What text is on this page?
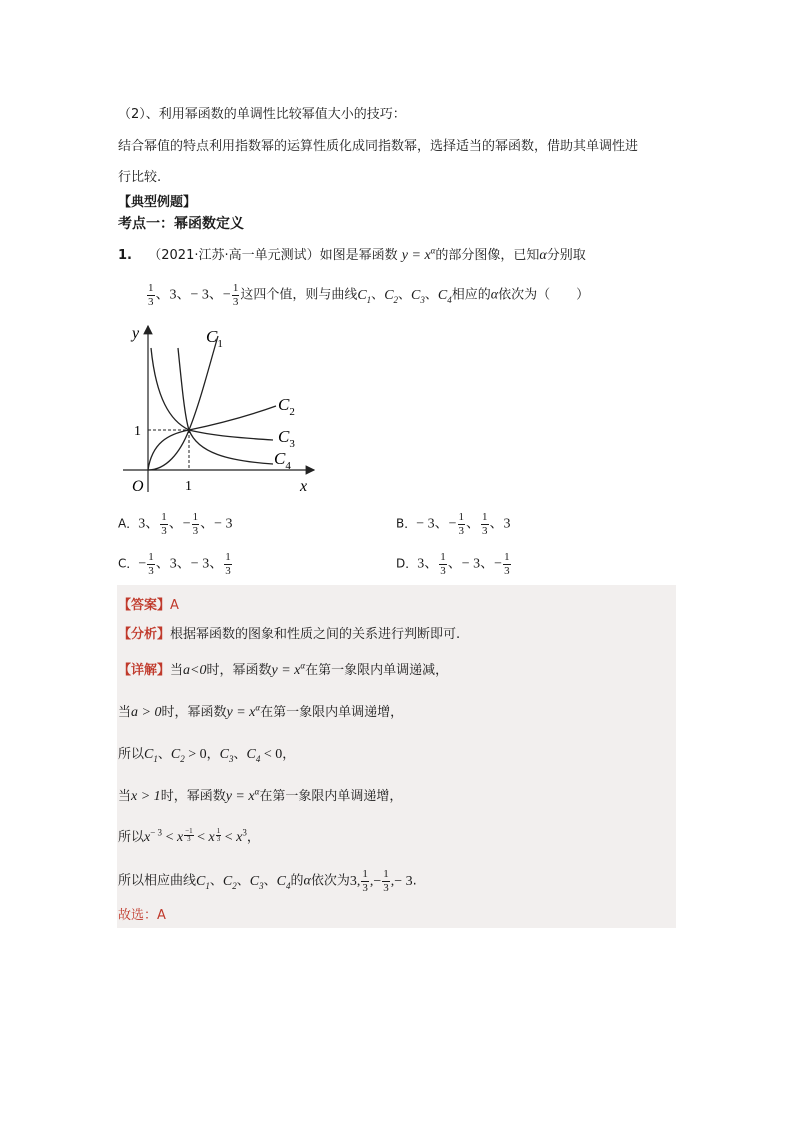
（2）、利用幂函数的单调性比较幂值大小的技巧：
结合幂值的特点利用指数幂的运算性质化成同指数幂，选择适当的幂函数，借助其单调性进
行比较.
【典型例题】
考点一：幂函数定义
1. （2021·江苏·高一单元测试）如图是幂函数 $y = x^\alpha$的部分图像，已知α分别取
$\frac{1}{3}$ 、3、− 3、− $\frac{1}{3}$ 这四个值，则与曲线$C_1$、$C_2$、$C_3$、$C_4$相应的α依次为（　　）
y
x
O	1
1
$C_1$
$C_2$
$C_3$
$C_4$
A．3、 $\frac{1}{3}$ 、− $\frac{1}{3}$ 、− 3	B．− 3、− $\frac{1}{3}$ 、 $\frac{1}{3}$ 、3
C．− $\frac{1}{3}$ 、3、− 3、 $\frac{1}{3}$	D．3、 $\frac{1}{3}$ 、− 3、− $\frac{1}{3}$
【答案】A
【分析】根据幂函数的图象和性质之间的关系进行判断即可.
【详解】当a<0时，幂函数$y = x^\alpha$在第一象限内单调递减，
当a > 0时，幂函数$y = x^\alpha$在第一象限内单调递增，
所以$C_1$、$C_2 > 0$，$C_3$、$C_4 < 0$，
当x > 1时，幂函数$y = x^\alpha$在第一象限内单调递增，
所以$x^{- 3} < x \frac{-1}{3} < x \frac{1}{3} < x^3$，
所以相应曲线$C_1$、$C_2$、$C_3$、$C_4$的α依次为3, $\frac{1}{3}$ ,− $\frac{1}{3}$ ,− 3.
故选：A
